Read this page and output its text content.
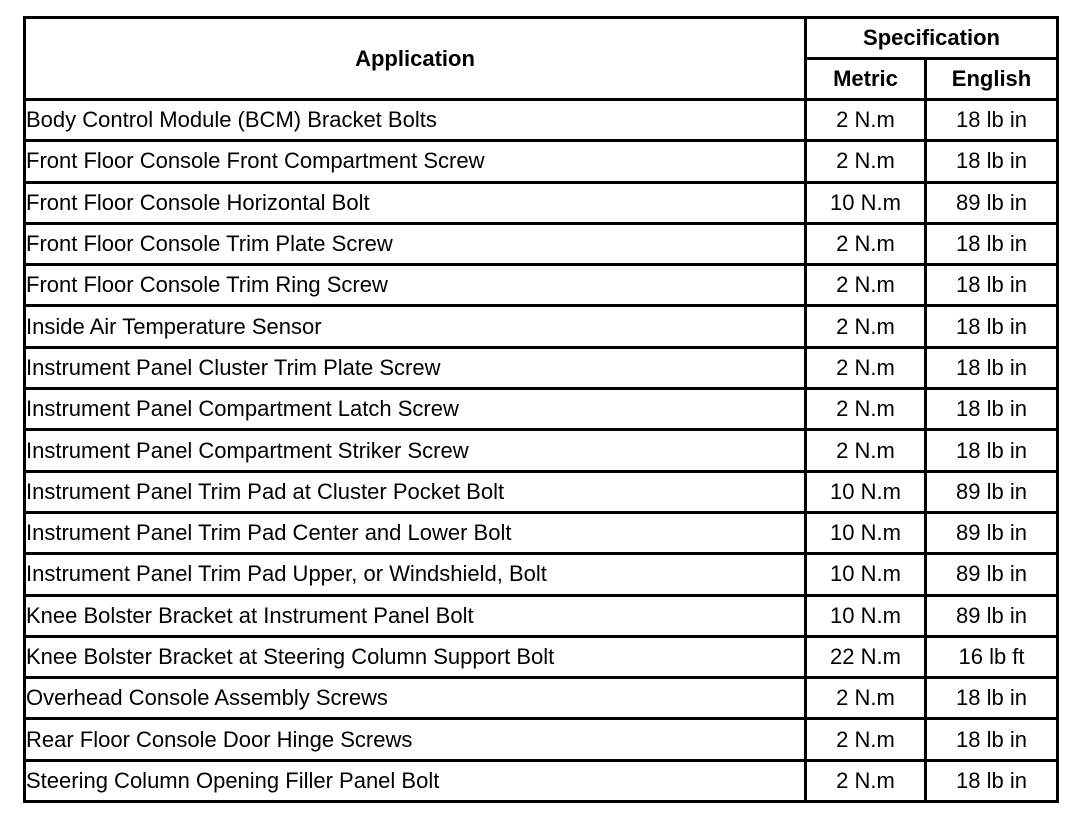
Application	Specification	
	Metric	English
Body Control Module (BCM) Bracket Bolts	2 N.m	18 lb in
Front Floor Console Front Compartment Screw	2 N.m	18 lb in
Front Floor Console Horizontal Bolt	10 N.m	89 lb in
Front Floor Console Trim Plate Screw	2 N.m	18 lb in
Front Floor Console Trim Ring Screw	2 N.m	18 lb in
Inside Air Temperature Sensor	2 N.m	18 lb in
Instrument Panel Cluster Trim Plate Screw	2 N.m	18 lb in
Instrument Panel Compartment Latch Screw	2 N.m	18 lb in
Instrument Panel Compartment Striker Screw	2 N.m	18 lb in
Instrument Panel Trim Pad at Cluster Pocket Bolt	10 N.m	89 lb in
Instrument Panel Trim Pad Center and Lower Bolt	10 N.m	89 lb in
Instrument Panel Trim Pad Upper, or Windshield, Bolt	10 N.m	89 lb in
Knee Bolster Bracket at Instrument Panel Bolt	10 N.m	89 lb in
Knee Bolster Bracket at Steering Column Support Bolt	22 N.m	16 lb ft
Overhead Console Assembly Screws	2 N.m	18 lb in
Rear Floor Console Door Hinge Screws	2 N.m	18 lb in
Steering Column Opening Filler Panel Bolt	2 N.m	18 lb in
